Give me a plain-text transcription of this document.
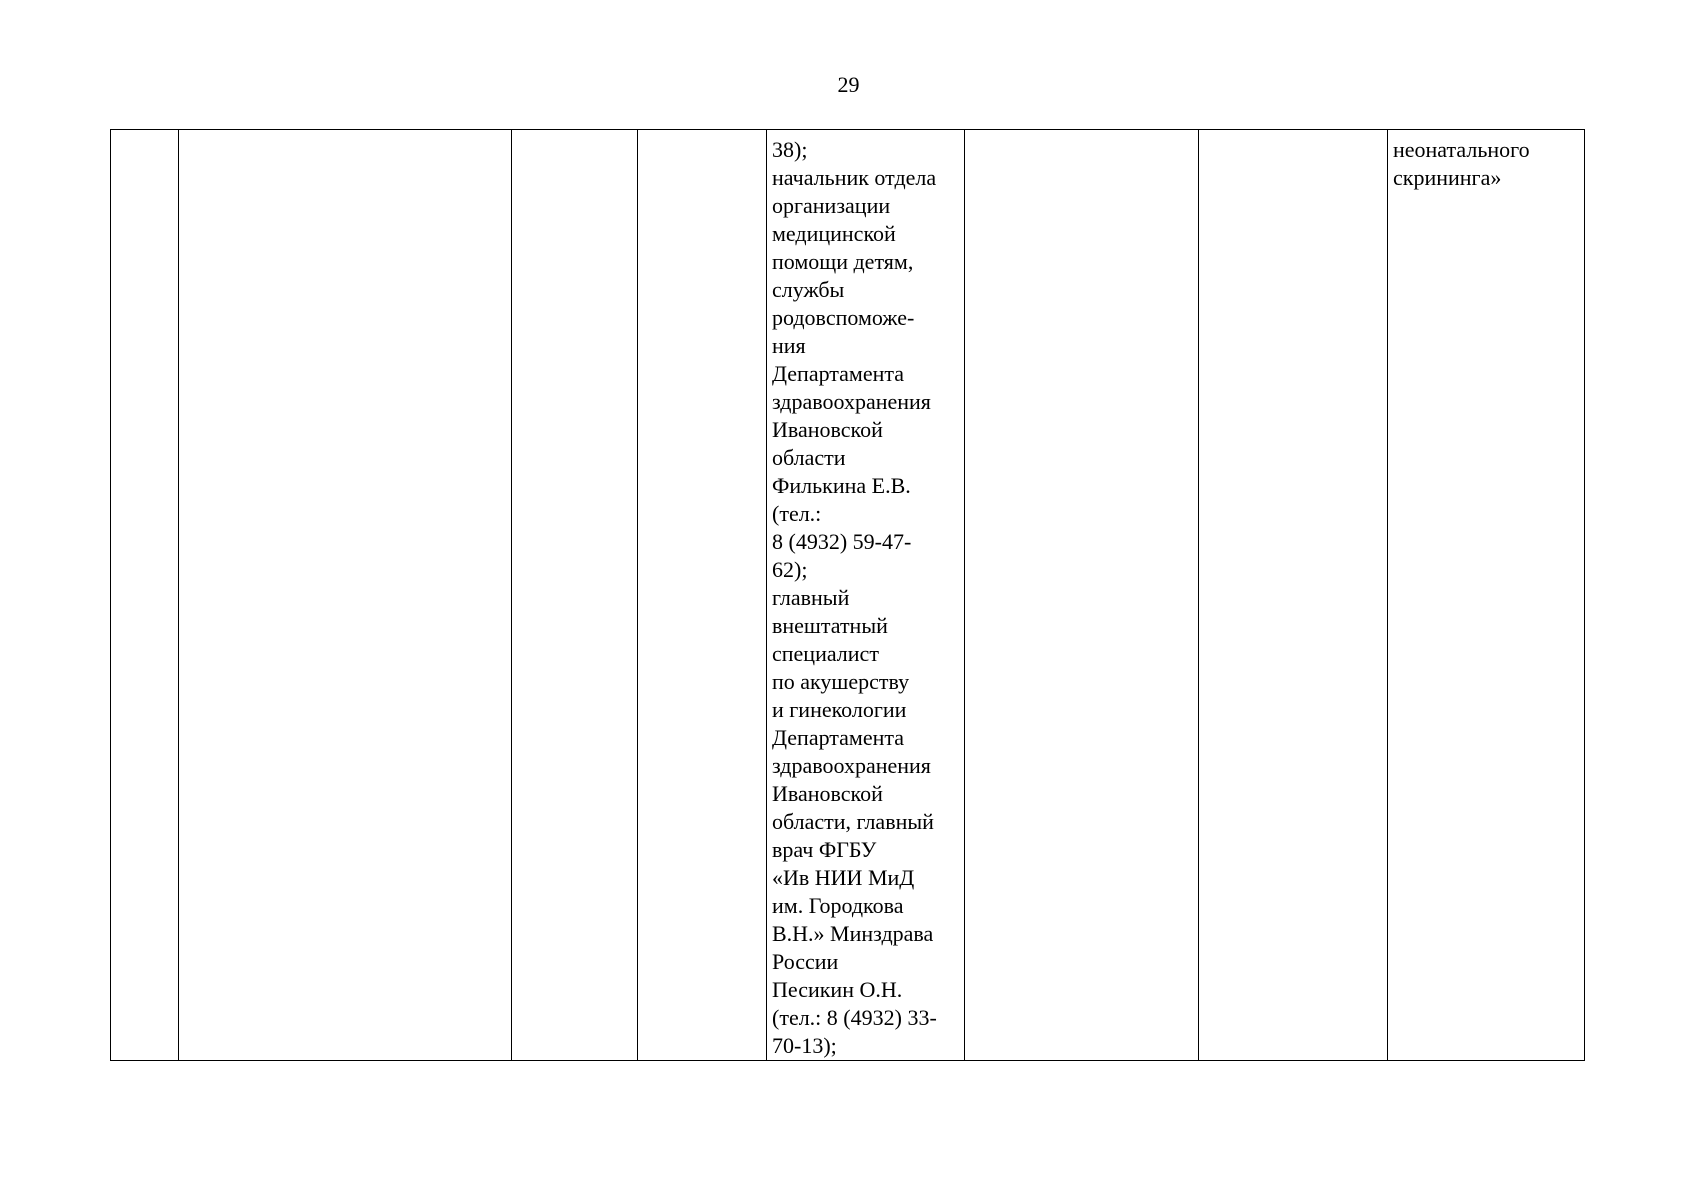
29
				38);
начальник отдела
организации
медицинской
помощи детям,
службы
родовспоможе-
ния
Департамента
здравоохранения
Ивановской
области
Филькина Е.В.
(тел.:
8 (4932) 59-47-
62);
главный
внештатный
специалист
по акушерству
и гинекологии
Департамента
здравоохранения
Ивановской
области, главный
врач ФГБУ
«Ив НИИ МиД
им. Городкова
В.Н.» Минздрава
России
Песикин О.Н.
(тел.: 8 (4932) 33-
70-13);			неонатального
скрининга»
